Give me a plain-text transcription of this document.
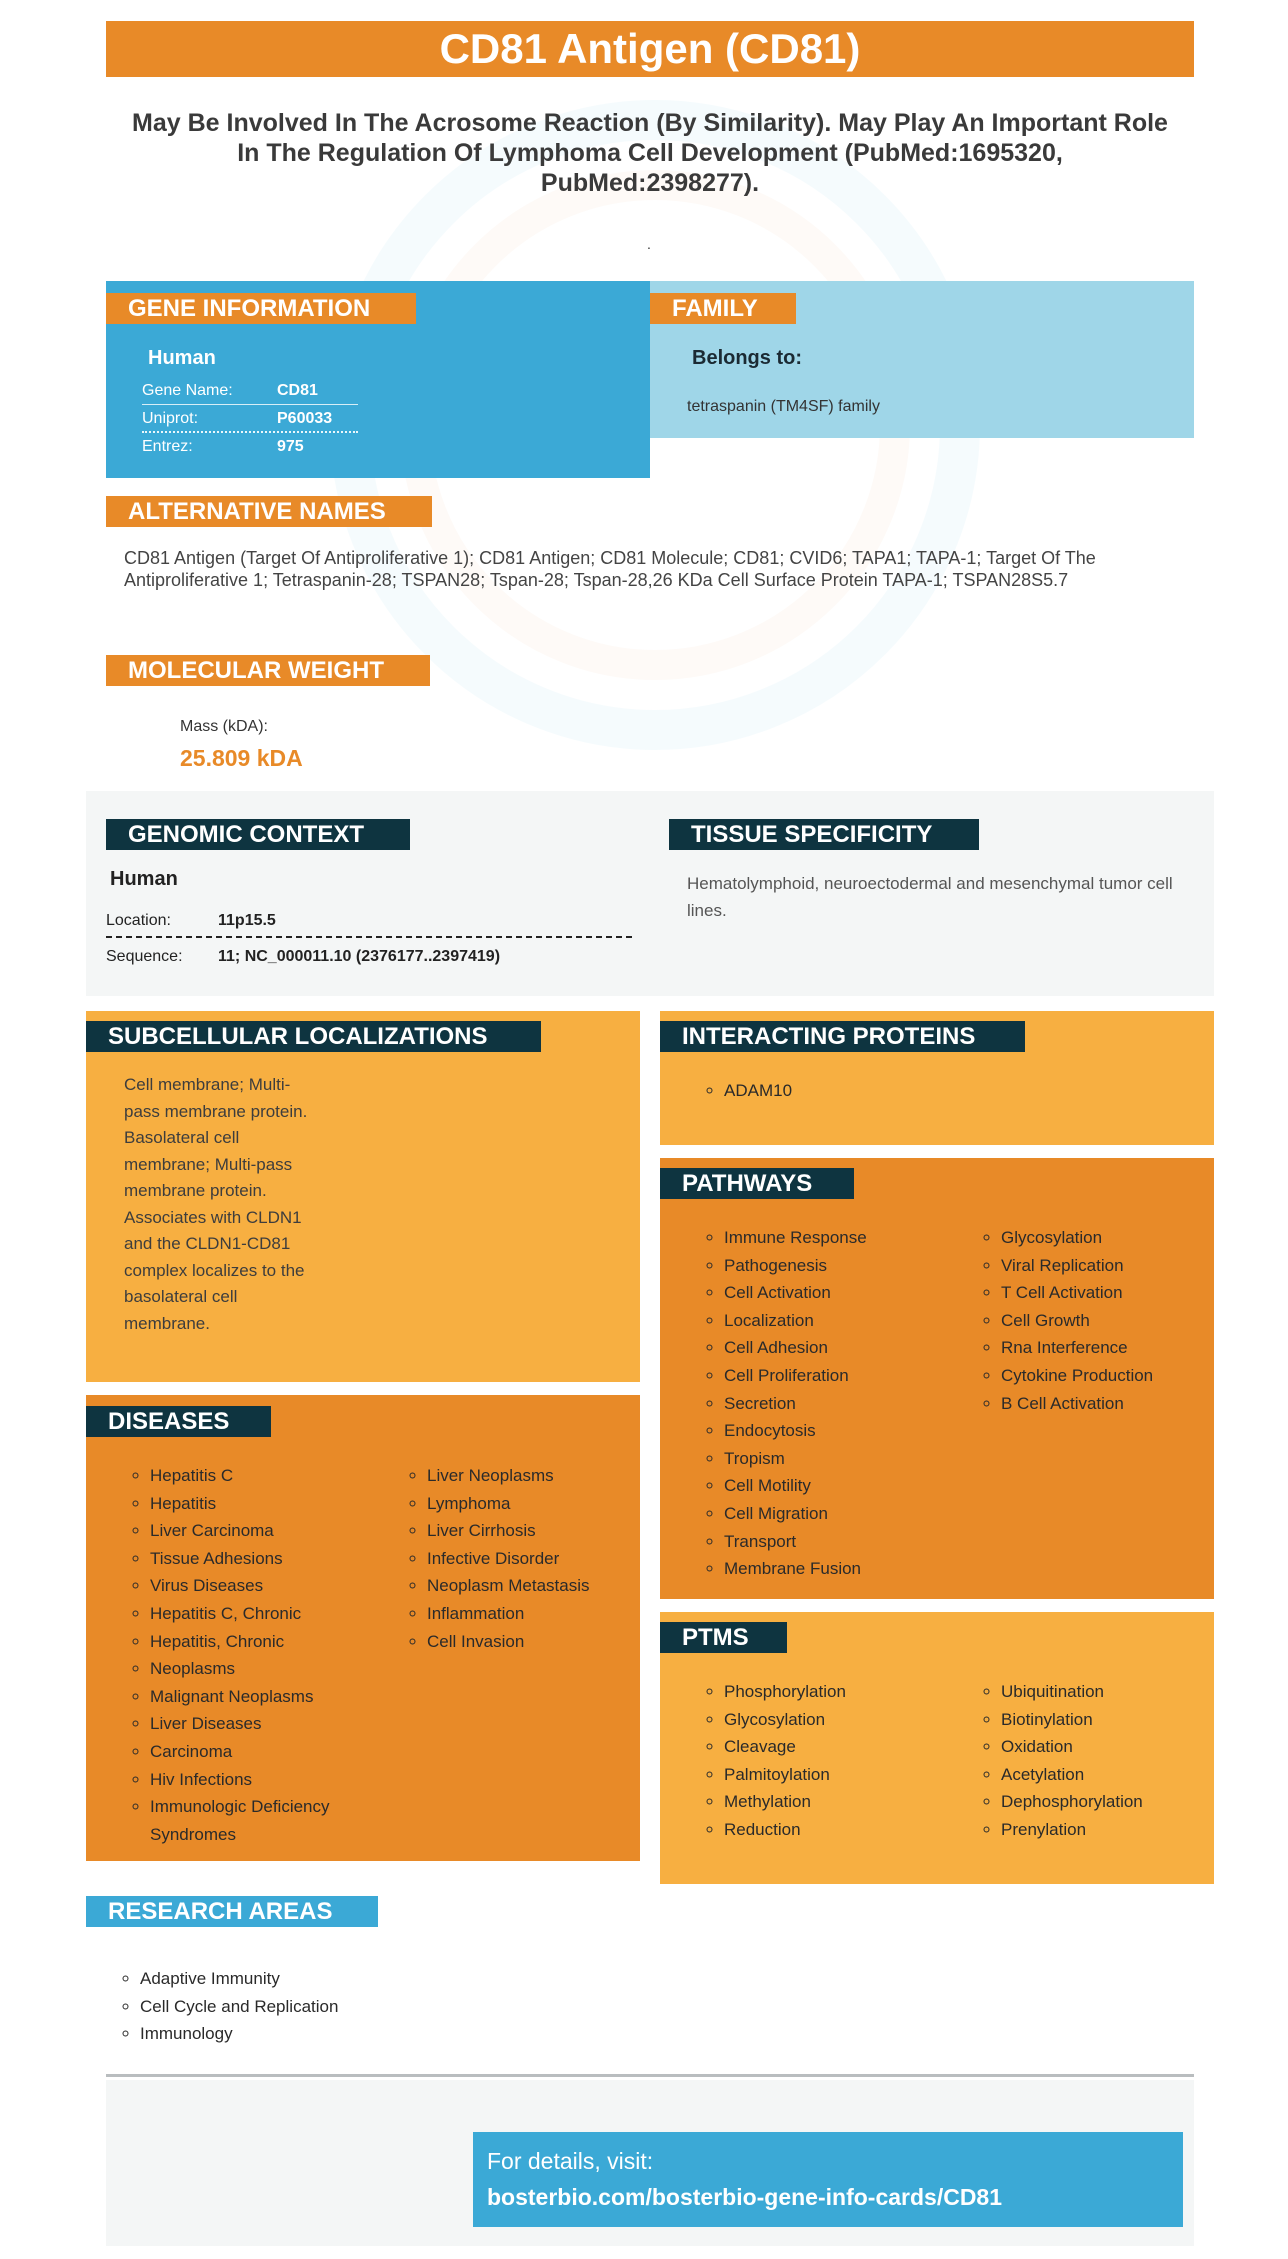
CD81 Antigen (CD81)
May Be Involved In The Acrosome Reaction (By Similarity). May Play An Important Role In The Regulation Of Lymphoma Cell Development (PubMed:1695320, PubMed:2398277).
.
GENE INFORMATION
Human
Gene Name:	CD81
Uniprot:	P60033
Entrez:	975
FAMILY
Belongs to:
tetraspanin (TM4SF) family
ALTERNATIVE NAMES
CD81 Antigen (Target Of Antiproliferative 1); CD81 Antigen; CD81 Molecule; CD81; CVID6; TAPA1; TAPA-1; Target Of The Antiproliferative 1; Tetraspanin-28; TSPAN28; Tspan-28; Tspan-28,26 KDa Cell Surface Protein TAPA-1; TSPAN28S5.7
MOLECULAR WEIGHT
Mass (kDA):
25.809 kDA
GENOMIC CONTEXT
Human
Location:	11p15.5
Sequence: 11; NC_000011.10 (2376177..2397419)
TISSUE SPECIFICITY
Hematolymphoid, neuroectodermal and mesenchymal tumor cell lines.
SUBCELLULAR LOCALIZATIONS
Cell membrane; Multi-pass membrane protein. Basolateral cell membrane; Multi-pass membrane protein. Associates with CLDN1 and the CLDN1-CD81 complex localizes to the basolateral cell membrane.
DISEASES
◦ Hepatitis C
◦ Hepatitis
◦ Liver Carcinoma
◦ Tissue Adhesions
◦ Virus Diseases
◦ Hepatitis C, Chronic
◦ Hepatitis, Chronic
◦ Neoplasms
◦ Malignant Neoplasms
◦ Liver Diseases
◦ Carcinoma
◦ Hiv Infections
◦ Immunologic Deficiency Syndromes
◦ Liver Neoplasms
◦ Lymphoma
◦ Liver Cirrhosis
◦ Infective Disorder
◦ Neoplasm Metastasis
◦ Inflammation
◦ Cell Invasion
INTERACTING PROTEINS
◦ ADAM10
PATHWAYS
◦ Immune Response
◦ Pathogenesis
◦ Cell Activation
◦ Localization
◦ Cell Adhesion
◦ Cell Proliferation
◦ Secretion
◦ Endocytosis
◦ Tropism
◦ Cell Motility
◦ Cell Migration
◦ Transport
◦ Membrane Fusion
◦ Glycosylation
◦ Viral Replication
◦ T Cell Activation
◦ Cell Growth
◦ Rna Interference
◦ Cytokine Production
◦ B Cell Activation
PTMS
◦ Phosphorylation
◦ Glycosylation
◦ Cleavage
◦ Palmitoylation
◦ Methylation
◦ Reduction
◦ Ubiquitination
◦ Biotinylation
◦ Oxidation
◦ Acetylation
◦ Dephosphorylation
◦ Prenylation
RESEARCH AREAS
◦ Adaptive Immunity
◦ Cell Cycle and Replication
◦ Immunology
For details, visit:
bosterbio.com/bosterbio-gene-info-cards/CD81
